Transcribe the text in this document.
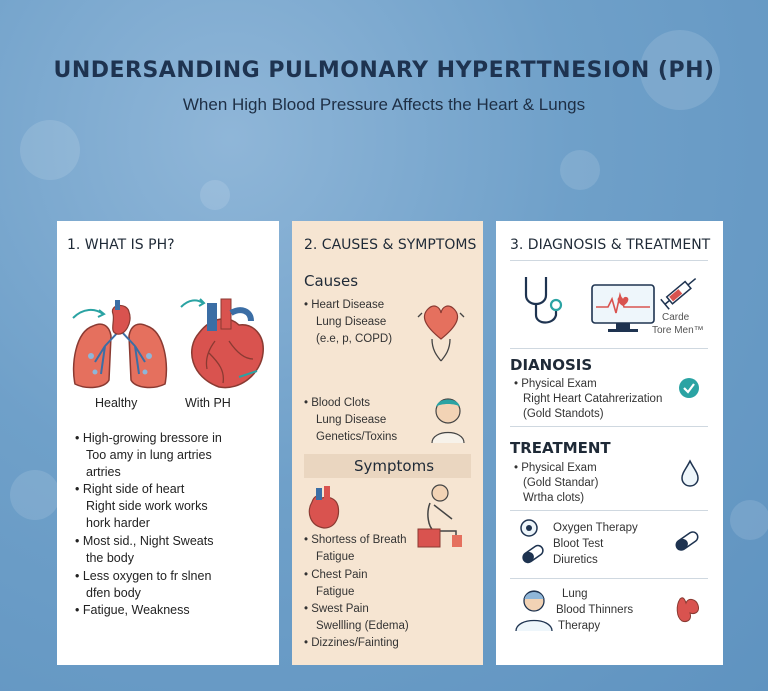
UNDERSANDING PULMONARY HYPERTTNESION (PH)
When High Blood Pressure Affects the Heart & Lungs
1. WHAT IS PH?
Healthy	With PH
• High-growing bressore in
Too amy in lung artries
artries
• Right side of heart
Right side work works
hork harder
• Most sid., Night Sweats
the body
• Less oxygen to fr slnen
dfen body
• Fatigue, Weakness
2. CAUSES & SYMPTOMS
Causes
• Heart Disease
Lung Disease
(e.e, p, COPD)
• Blood Clots
Lung Disease
Genetics/Toxins
Symptoms
• Shortess of Breath
Fatigue
• Chest Pain
Fatigue
• Swest Pain
Swellling (Edema)
• Dizzines/Fainting
3. DIAGNOSIS & TREATMENT
Carde
Tore Men™
DIANOSIS
• Physical Exam
Right Heart Catahrerization
(Gold Standots)
TREATMENT
• Physical Exam
(Gold Standar)
Wrtha clots)
Oxygen Therapy
Bloot Test
Diuretics
Lung
Blood Thinners
Therapy
